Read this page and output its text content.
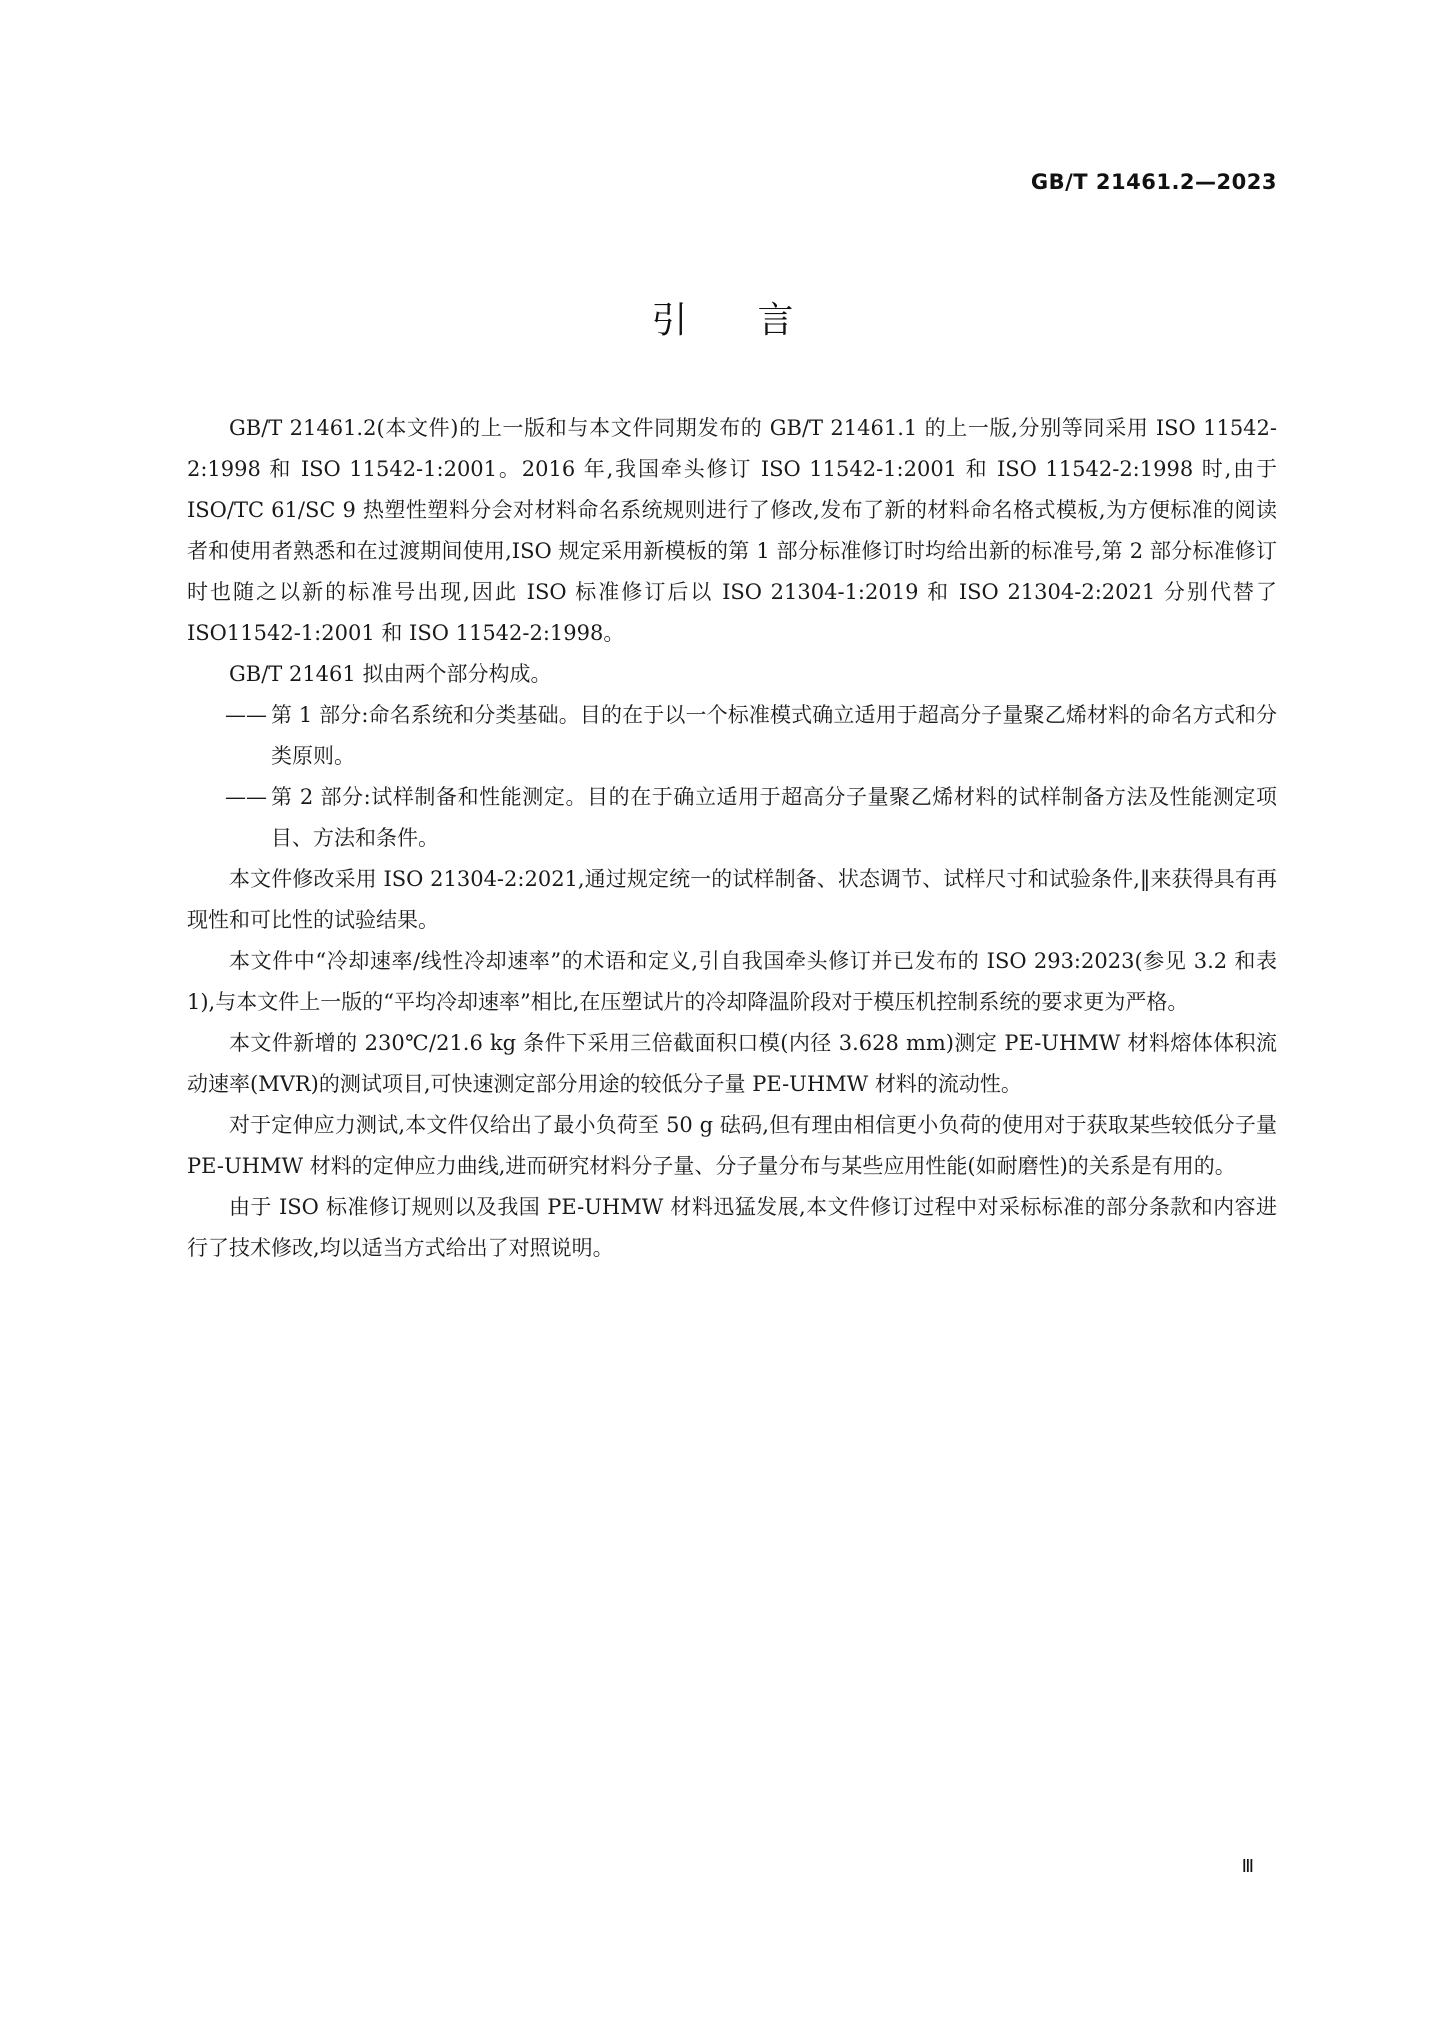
GB/T 21461.2—2023
引言

GB/T 21461.2(本文件)的上一版和与本文件同期发布的 GB/T 21461.1 的上一版,分别等同采用 ISO 11542-2:1998 和 ISO 11542-1:2001。2016 年,我国牵头修订 ISO 11542-1:2001 和 ISO 11542-2:1998 时,由于 ISO/TC 61/SC 9 热塑性塑料分会对材料命名系统规则进行了修改,发布了新的材料命名格式模板,为方便标准的阅读者和使用者熟悉和在过渡期间使用,ISO 规定采用新模板的第 1 部分标准修订时均给出新的标准号,第 2 部分标准修订时也随之以新的标准号出现,因此 ISO 标准修订后以 ISO 21304-1:2019 和 ISO 21304-2:2021 分别代替了 ISO11542-1:2001 和 ISO 11542-2:1998。

GB/T 21461 拟由两个部分构成。

—— 第 1 部分:命名系统和分类基础。目的在于以一个标准模式确立适用于超高分子量聚乙烯材料的命名方式和分类原则。

—— 第 2 部分:试样制备和性能测定。目的在于确立适用于超高分子量聚乙烯材料的试样制备方法及性能测定项目、方法和条件。

本文件修改采用 ISO 21304-2:2021,通过规定统一的试样制备、状态调节、试样尺寸和试验条件,‖来获得具有再现性和可比性的试验结果。

本文件中“冷却速率/线性冷却速率”的术语和定义,引自我国牵头修订并已发布的 ISO 293:2023(参见 3.2 和表 1),与本文件上一版的“平均冷却速率”相比,在压塑试片的冷却降温阶段对于模压机控制系统的要求更为严格。

本文件新增的 230℃/21.6 kg 条件下采用三倍截面积口模(内径 3.628 mm)测定 PE-UHMW 材料熔体体积流动速率(MVR)的测试项目,可快速测定部分用途的较低分子量 PE-UHMW 材料的流动性。

对于定伸应力测试,本文件仅给出了最小负荷至 50 g 砝码,但有理由相信更小负荷的使用对于获取某些较低分子量 PE-UHMW 材料的定伸应力曲线,进而研究材料分子量、分子量分布与某些应用性能(如耐磨性)的关系是有用的。

由于 ISO 标准修订规则以及我国 PE-UHMW 材料迅猛发展,本文件修订过程中对采标标准的部分条款和内容进行了技术修改,均以适当方式给出了对照说明。

Ⅲ
